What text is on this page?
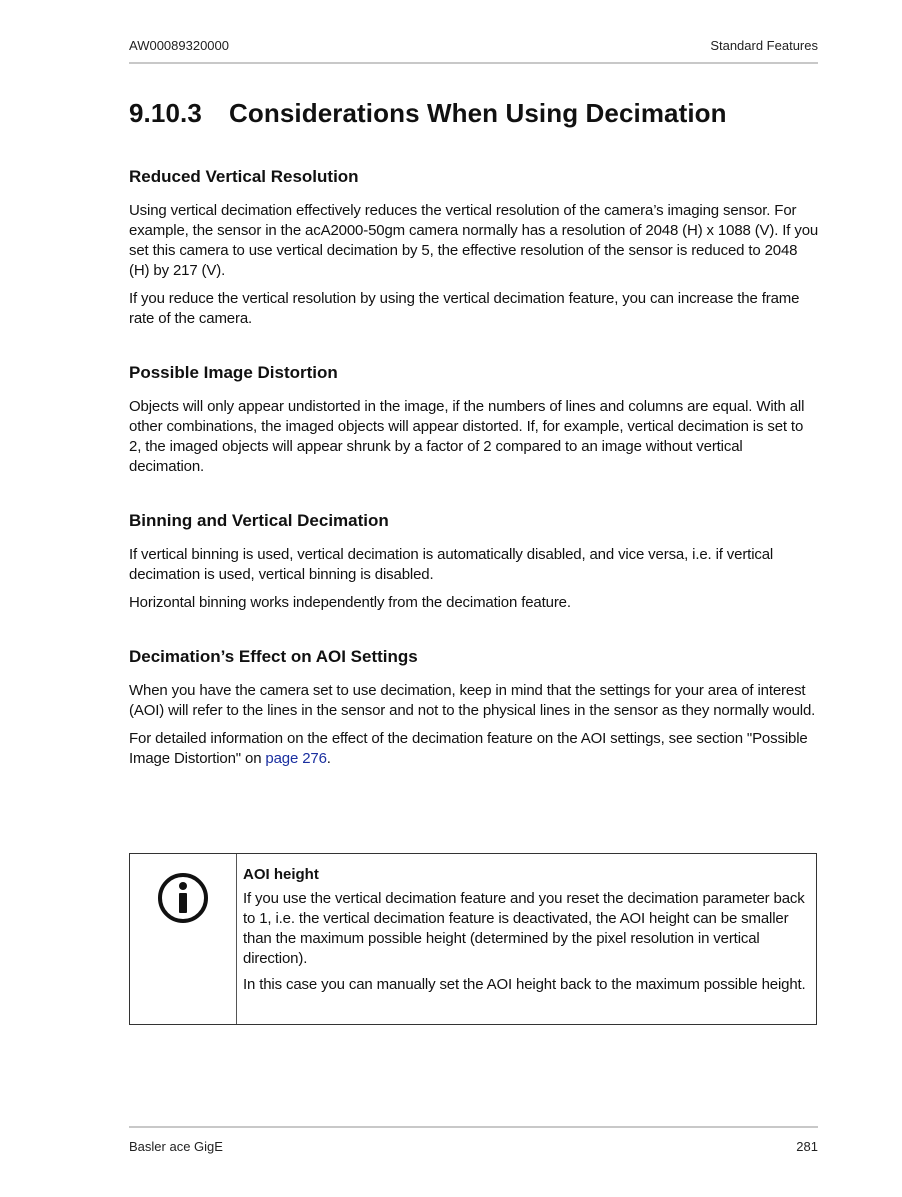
AW00089320000	Standard Features
9.10.3 Considerations When Using Decimation
Reduced Vertical Resolution

Using vertical decimation effectively reduces the vertical resolution of the camera’s imaging sensor. For example, the sensor in the acA2000-50gm camera normally has a resolution of 2048 (H) x 1088 (V). If you set this camera to use vertical decimation by 5, the effective resolution of the sensor is reduced to 2048 (H) by 217 (V).

If you reduce the vertical resolution by using the vertical decimation feature, you can increase the frame rate of the camera.

Possible Image Distortion

Objects will only appear undistorted in the image, if the numbers of lines and columns are equal. With all other combinations, the imaged objects will appear distorted. If, for example, vertical decimation is set to 2, the imaged objects will appear shrunk by a factor of 2 compared to an image without vertical decimation.

Binning and Vertical Decimation

If vertical binning is used, vertical decimation is automatically disabled, and vice versa, i.e. if vertical decimation is used, vertical binning is disabled.

Horizontal binning works independently from the decimation feature.

Decimation’s Effect on AOI Settings

When you have the camera set to use decimation, keep in mind that the settings for your area of interest (AOI) will refer to the lines in the sensor and not to the physical lines in the sensor as they normally would.

For detailed information on the effect of the decimation feature on the AOI settings, see section "Possible Image Distortion" on page 276.

AOI height

If you use the vertical decimation feature and you reset the decimation parameter back to 1, i.e. the vertical decimation feature is deactivated, the AOI height can be smaller than the maximum possible height (determined by the pixel resolution in vertical direction).

In this case you can manually set the AOI height back to the maximum possible height.

Basler ace GigE	281
